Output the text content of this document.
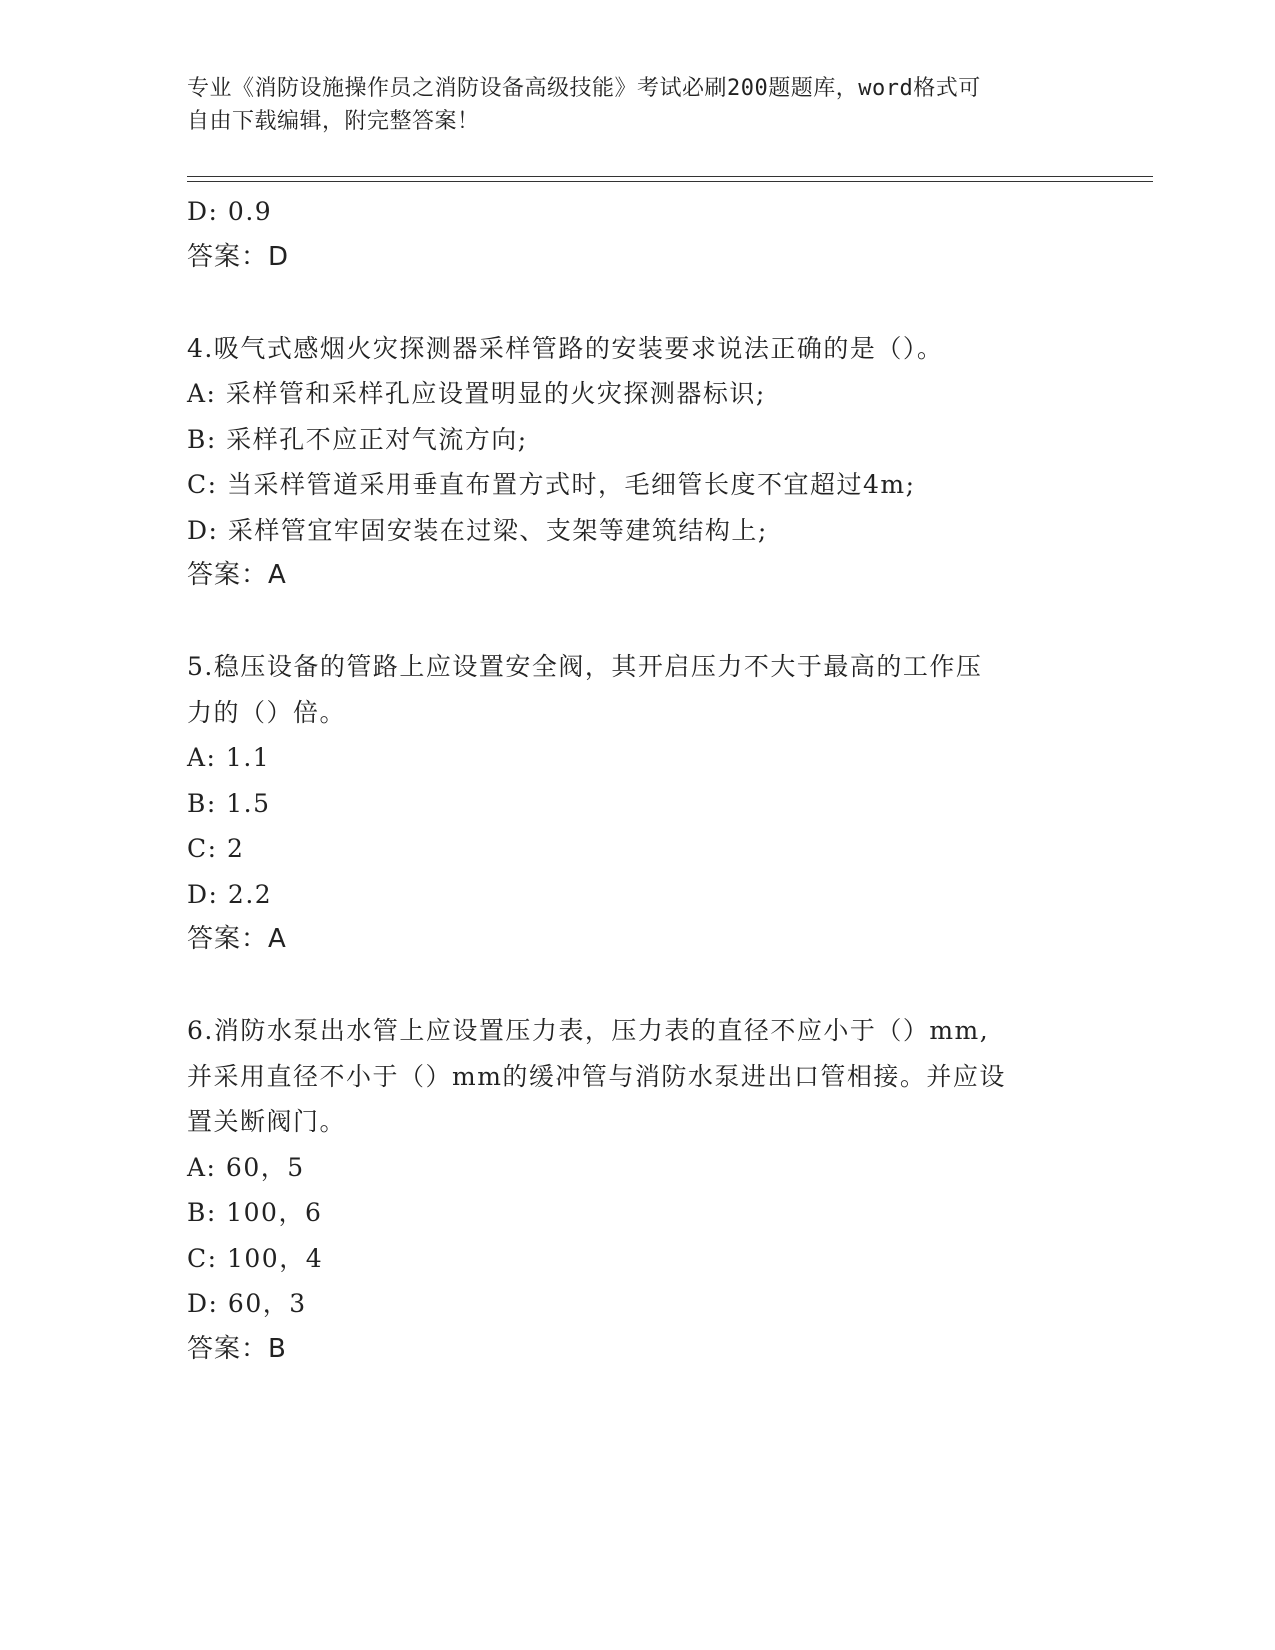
专业《消防设施操作员之消防设备高级技能》考试必刷200题题库，word格式可
自由下载编辑，附完整答案！
D: 0.9
答案：D
4.吸气式感烟火灾探测器采样管路的安装要求说法正确的是（）。
A: 采样管和采样孔应设置明显的火灾探测器标识;
B: 采样孔不应正对气流方向;
C: 当采样管道采用垂直布置方式时，毛细管长度不宜超过4m;
D: 采样管宜牢固安装在过梁、支架等建筑结构上;
答案：A
5.稳压设备的管路上应设置安全阀，其开启压力不大于最高的工作压
力的（）倍。
A: 1.1
B: 1.5
C: 2
D: 2.2
答案：A
6.消防水泵出水管上应设置压力表，压力表的直径不应小于（）mm,
并采用直径不小于（）mm的缓冲管与消防水泵进出口管相接。并应设
置关断阀门。
A: 60，5
B: 100，6
C: 100，4
D: 60，3
答案：B
